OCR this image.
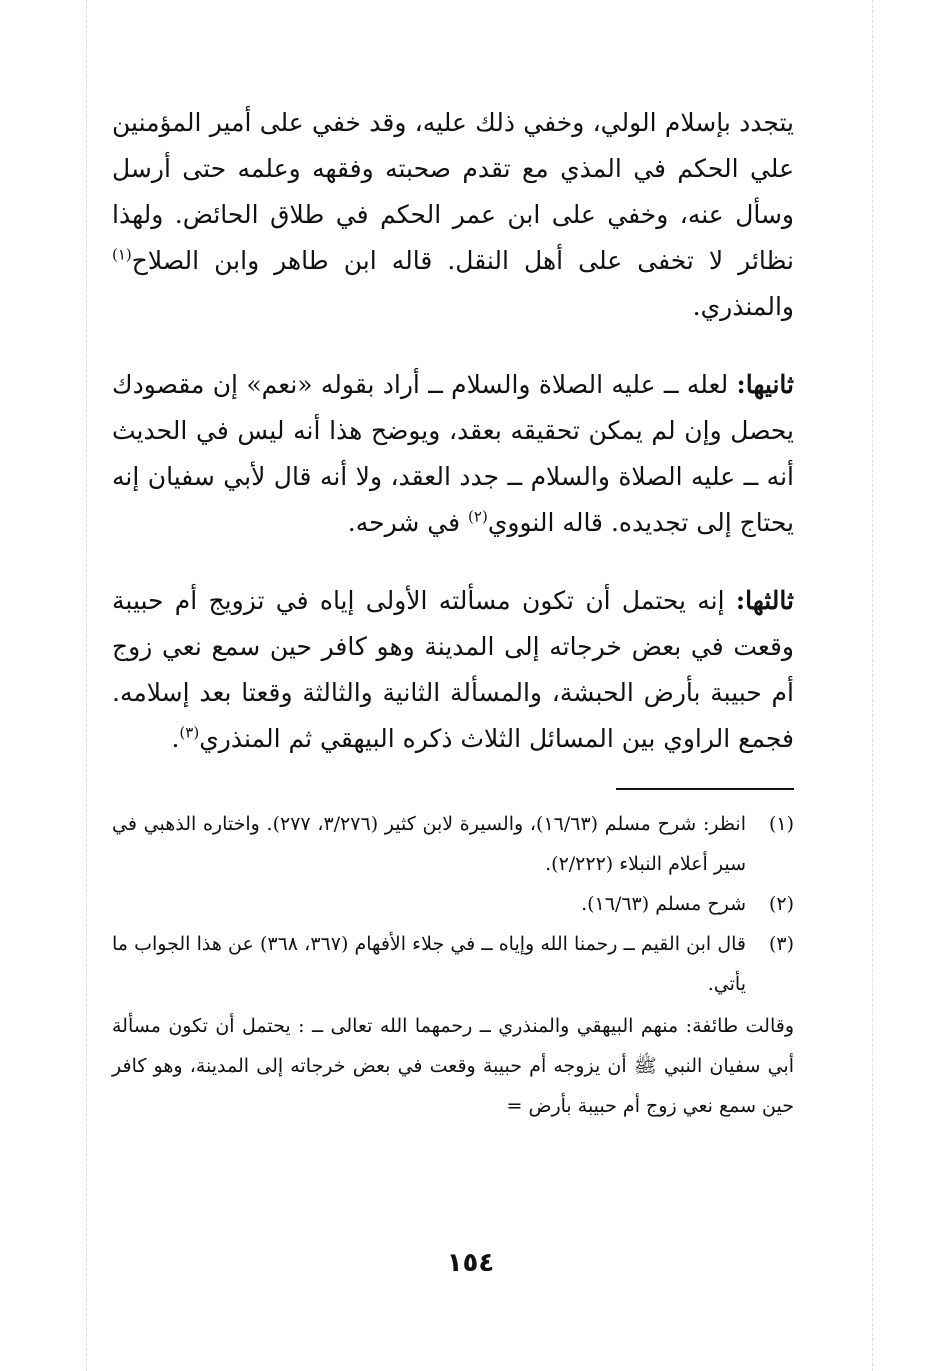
يتجدد بإسلام الولي، وخفي ذلك عليه، وقد خفي على أمير المؤمنين علي الحكم في المذي مع تقدم صحبته وفقهه وعلمه حتى أرسل وسأل عنه، وخفي على ابن عمر الحكم في طلاق الحائض. ولهذا نظائر لا تخفى على أهل النقل. قاله ابن طاهر وابن الصلاح$^{(١)}$ والمنذري.

ثانيها: لعله ــ عليه الصلاة والسلام ــ أراد بقوله «نعم» إن مقصودك يحصل وإن لم يمكن تحقيقه بعقد، ويوضح هذا أنه ليس في الحديث أنه ــ عليه الصلاة والسلام ــ جدد العقد، ولا أنه قال لأبي سفيان إنه يحتاج إلى تجديده. قاله النووي$^{(٢)}$ في شرحه.

ثالثها: إنه يحتمل أن تكون مسألته الأولى إياه في تزويج أم حبيبة وقعت في بعض خرجاته إلى المدينة وهو كافر حين سمع نعي زوج أم حبيبة بأرض الحبشة، والمسألة الثانية والثالثة وقعتا بعد إسلامه. فجمع الراوي بين المسائل الثلاث ذكره البيهقي ثم المنذري$^{(٣)}$.

(١)
انظر: شرح مسلم (١٦/٦٣)، والسيرة لابن كثير (٣/٢٧٦، ٢٧٧). واختاره الذهبي في سير أعلام النبلاء (٢/٢٢٢).
(٢)
شرح مسلم (١٦/٦٣).
(٣)
قال ابن القيم ــ رحمنا الله وإياه ــ في جلاء الأفهام (٣٦٧، ٣٦٨) عن هذا الجواب ما يأتي.
وقالت طائفة: منهم البيهقي والمنذري ــ رحمهما الله تعالى ــ : يحتمل أن تكون مسألة أبي سفيان النبي ﷺ أن يزوجه أم حبيبة وقعت في بعض خرجاته إلى المدينة، وهو كافر حين سمع نعي زوج أم حبيبة بأرض =
١٥٤
